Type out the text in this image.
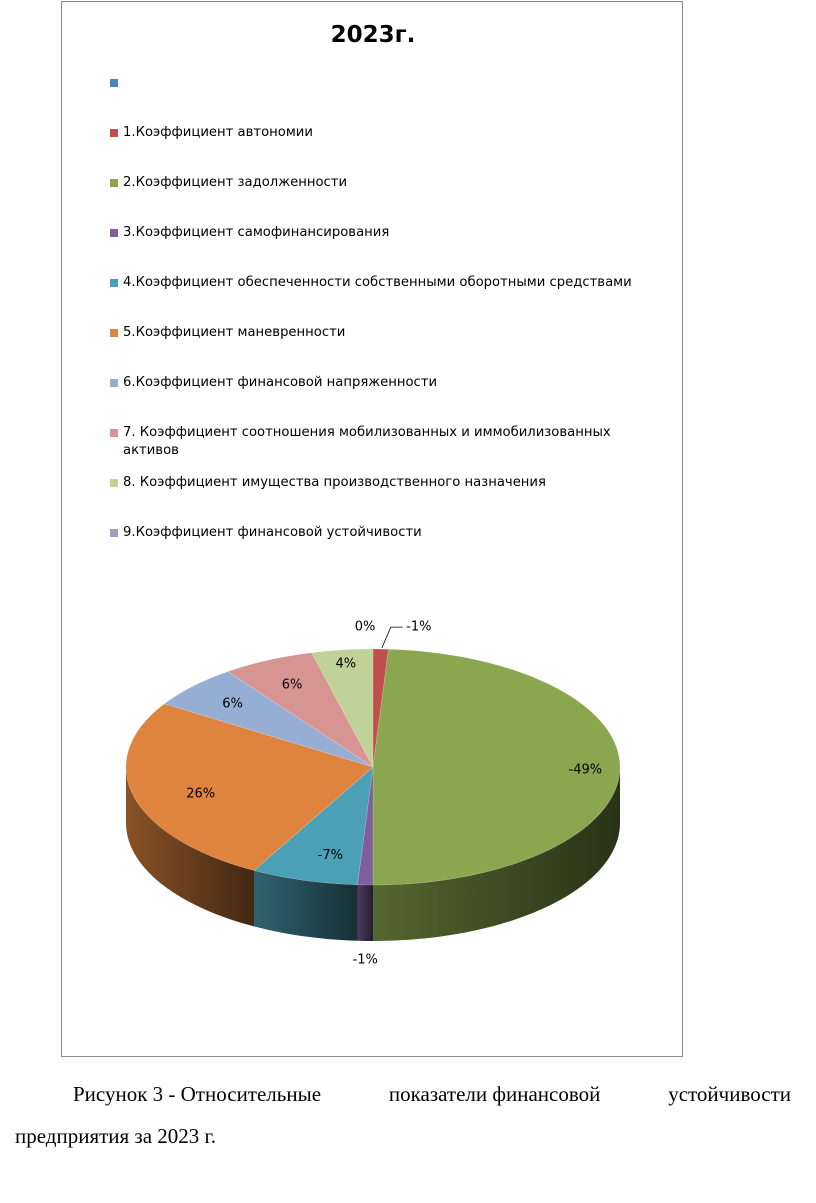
2023г.
1.Коэффициент автономии
2.Коэффициент задолженности
3.Коэффициент самофинансирования
4.Коэффициент обеспеченности собственными оборотными средствами
5.Коэффициент маневренности
6.Коэффициент финансовой напряженности
7. Коэффициент соотношения мобилизованных и иммобилизованных активов
8. Коэффициент имущества производственного назначения
9.Коэффициент финансовой устойчивости
-1%
-49%
-1%
-7%
26%
6%
6%
4%
0%
Рисунок 3 - Относительные	показатели финансовой	устойчивости
предприятия за 2023 г.
